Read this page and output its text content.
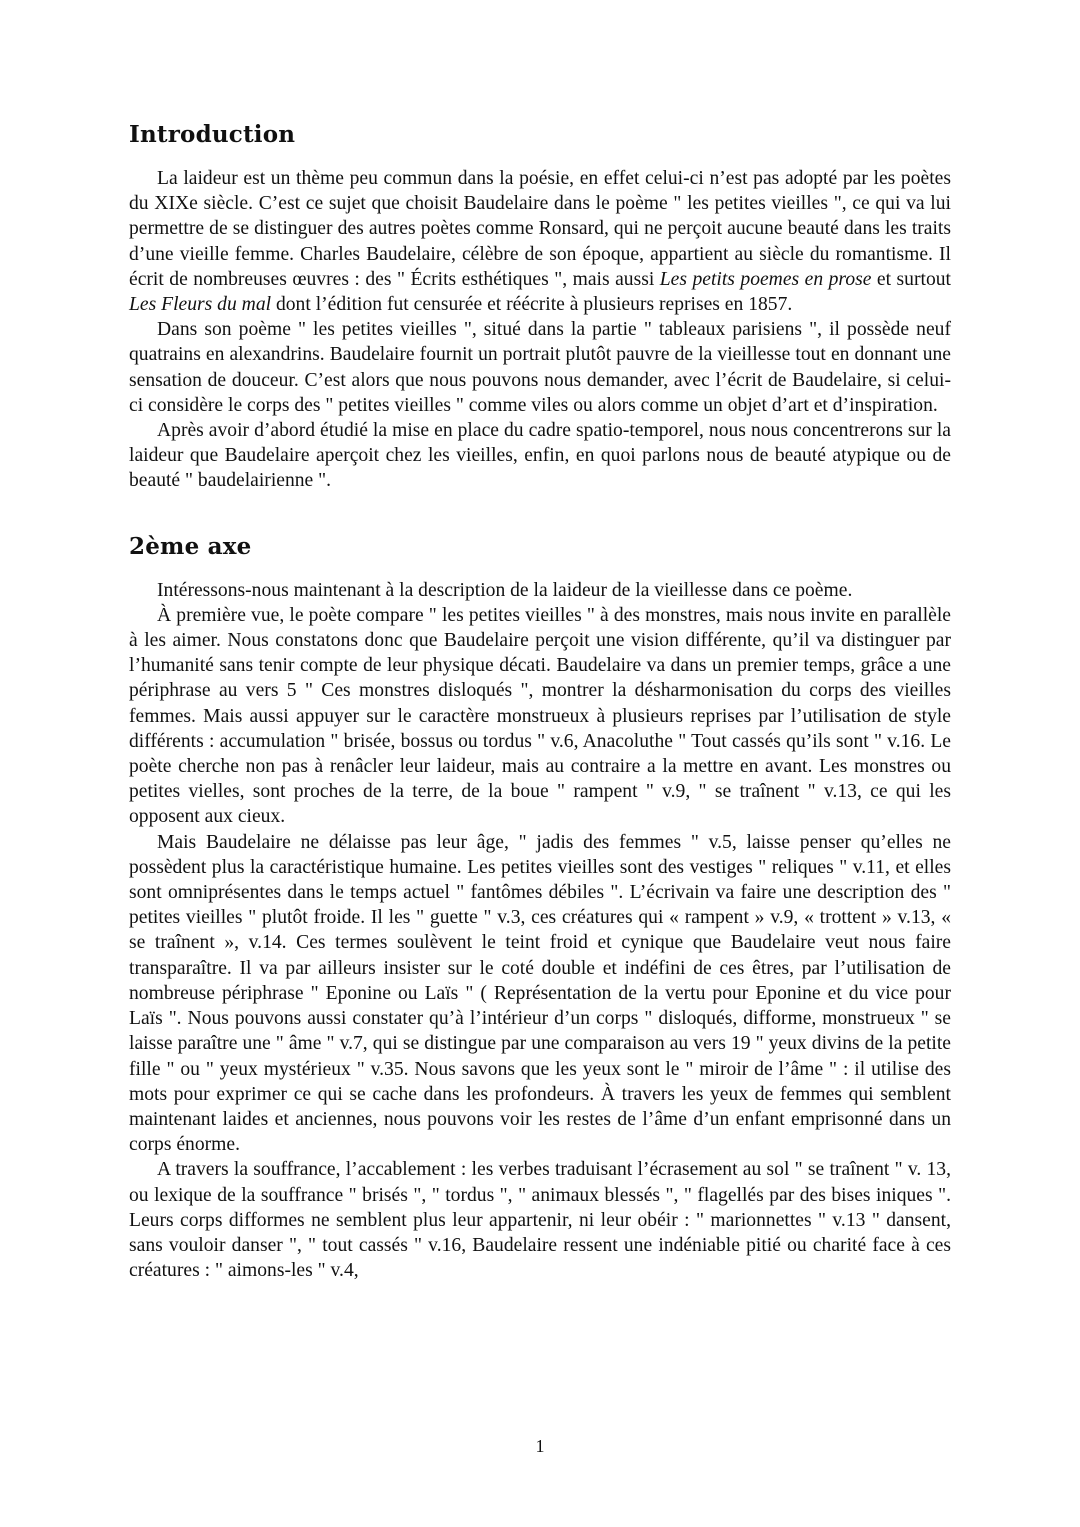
Introduction

La laideur est un thème peu commun dans la poésie, en effet celui-ci n’est pas adopté par les poètes du XIXe siècle. C’est ce sujet que choisit Baudelaire dans le poème " les petites vieilles ", ce qui va lui permettre de se distinguer des autres poètes comme Ronsard, qui ne perçoit aucune beauté dans les traits d’une vieille femme. Charles Baudelaire, célèbre de son époque, appartient au siècle du romantisme. Il écrit de nombreuses œuvres : des " Écrits esthétiques ", mais aussi Les petits poemes en prose et surtout Les Fleurs du mal dont l’édition fut censurée et réécrite à plusieurs reprises en 1857.

Dans son poème " les petites vieilles ", situé dans la partie " tableaux parisiens ", il possède neuf quatrains en alexandrins. Baudelaire fournit un portrait plutôt pauvre de la vieillesse tout en donnant une sensation de douceur. C’est alors que nous pouvons nous demander, avec l’écrit de Baudelaire, si celui-ci considère le corps des " petites vieilles " comme viles ou alors comme un objet d’art et d’inspiration.

Après avoir d’abord étudié la mise en place du cadre spatio-temporel, nous nous concentrerons sur la laideur que Baudelaire aperçoit chez les vieilles, enfin, en quoi parlons nous de beauté atypique ou de beauté " baudelairienne ".

2ème axe

Intéressons-nous maintenant à la description de la laideur de la vieillesse dans ce poème.

À première vue, le poète compare " les petites vieilles " à des monstres, mais nous invite en parallèle à les aimer. Nous constatons donc que Baudelaire perçoit une vision différente, qu’il va distinguer par l’humanité sans tenir compte de leur physique décati. Baudelaire va dans un premier temps, grâce a une périphrase au vers 5 " Ces monstres disloqués ", montrer la désharmonisation du corps des vieilles femmes. Mais aussi appuyer sur le caractère monstrueux à plusieurs reprises par l’utilisation de style différents : accumulation " brisée, bossus ou tordus " v.6, Anacoluthe " Tout cassés qu’ils sont " v.16. Le poète cherche non pas à renâcler leur laideur, mais au contraire a la mettre en avant. Les monstres ou petites vielles, sont proches de la terre, de la boue " rampent " v.9, " se traînent " v.13, ce qui les opposent aux cieux.

Mais Baudelaire ne délaisse pas leur âge, " jadis des femmes " v.5, laisse penser qu’elles ne possèdent plus la caractéristique humaine. Les petites vieilles sont des vestiges " reliques " v.11, et elles sont omniprésentes dans le temps actuel " fantômes débiles ". L’écrivain va faire une description des " petites vieilles " plutôt froide. Il les " guette " v.3, ces créatures qui « rampent » v.9, « trottent » v.13, « se traînent », v.14. Ces termes soulèvent le teint froid et cynique que Baudelaire veut nous faire transparaître. Il va par ailleurs insister sur le coté double et indéfini de ces êtres, par l’utilisation de nombreuse périphrase " Eponine ou Laïs " ( Représentation de la vertu pour Eponine et du vice pour Laïs ". Nous pouvons aussi constater qu’à l’intérieur d’un corps " disloqués, difforme, monstrueux " se laisse paraître une " âme " v.7, qui se distingue par une comparaison au vers 19 " yeux divins de la petite fille " ou " yeux mystérieux " v.35. Nous savons que les yeux sont le " miroir de l’âme " : il utilise des mots pour exprimer ce qui se cache dans les profondeurs. À travers les yeux de femmes qui semblent maintenant laides et anciennes, nous pouvons voir les restes de l’âme d’un enfant emprisonné dans un corps énorme.

A travers la souffrance, l’accablement : les verbes traduisant l’écrasement au sol " se traînent " v. 13, ou lexique de la souffrance " brisés ", " tordus ", " animaux blessés ", " flagellés par des bises iniques ". Leurs corps difformes ne semblent plus leur appartenir, ni leur obéir : " marionnettes " v.13 " dansent, sans vouloir danser ", " tout cassés " v.16, Baudelaire ressent une indéniable pitié ou charité face à ces créatures : " aimons-les " v.4,

1
